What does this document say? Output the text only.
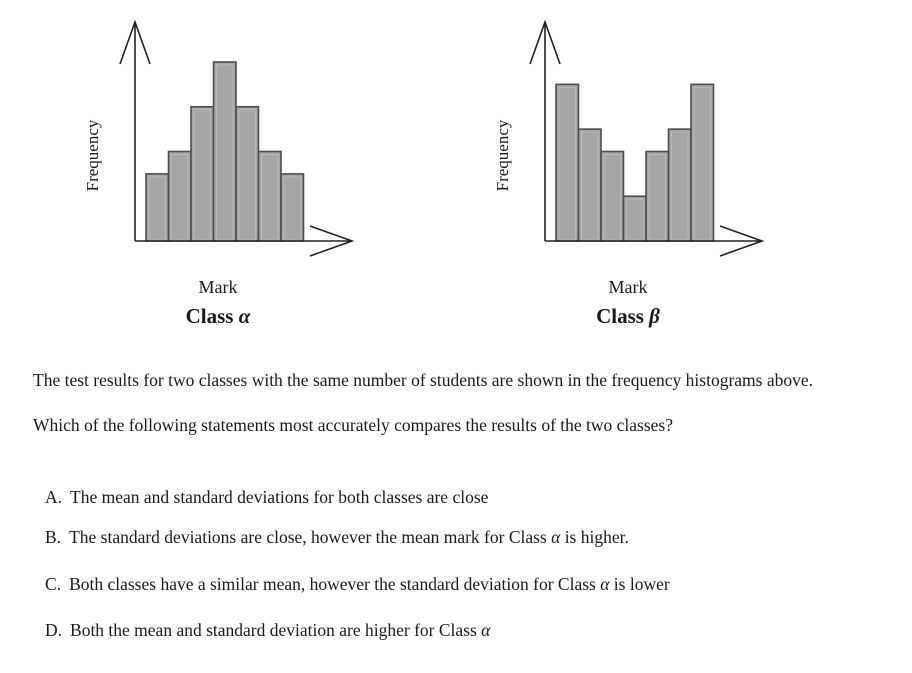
Frequency
Mark
Class α
Frequency
Mark
Class β

The test results for two classes with the same number of students are shown in the frequency histograms above.

Which of the following statements most accurately compares the results of the two classes?

A. The mean and standard deviations for both classes are close
B. The standard deviations are close, however the mean mark for Class α is higher.
C. Both classes have a similar mean, however the standard deviation for Class α is lower
D. Both the mean and standard deviation are higher for Class α
